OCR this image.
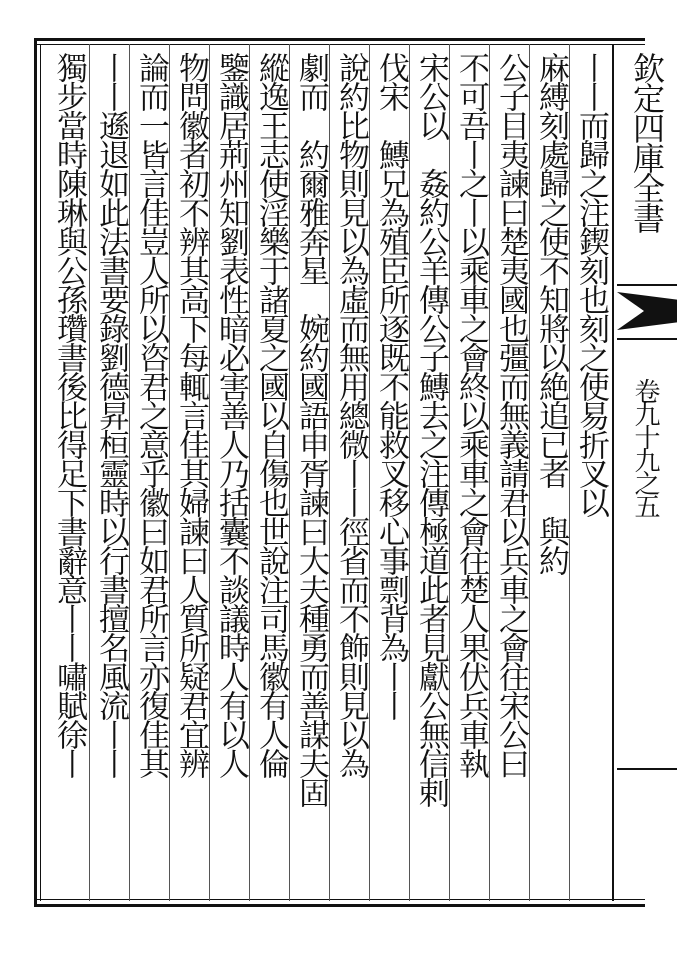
欽定四庫全書
卷九十九之五
丨丨而歸之注鍥刻也刻之使易折叉以
麻縛刻處歸之使不知將以絶追已者　與約
公子目夷諫曰楚夷國也彊而無義請君以兵車之會往宋公曰
不可吾丨之丨以乘車之會終以乘車之會往楚人果伏兵車執
宋公以　姦約公羊傳公子鱄去之注傳極道此者見獻公無信剌
伐宋　鱄兄為殖臣所逐既不能救叉移心事剽背為丨丨
說約比物則見以為虛而無用總微丨丨徑省而不飾則見以為
劇而　約爾雅奔星　婉約國語申胥諫曰大夫種勇而善謀夫固
縱逸王志使淫樂于諸夏之國以自傷也世說注司馬徽有人倫
鑒識居荊州知劉表性暗必害善人乃括囊不談議時人有以人
物問徽者初不辨其高下每輒言佳其婦諫曰人質所疑君宜辨
論而一皆言佳豈人所以咨君之意乎徽曰如君所言亦復佳其
丨丨遜退如此法書要錄劉德昇桓靈時以行書擅名風流丨丨
獨步當時陳琳與公孫瓚書後比得足下書辭意丨丨嘯賦徐丨
